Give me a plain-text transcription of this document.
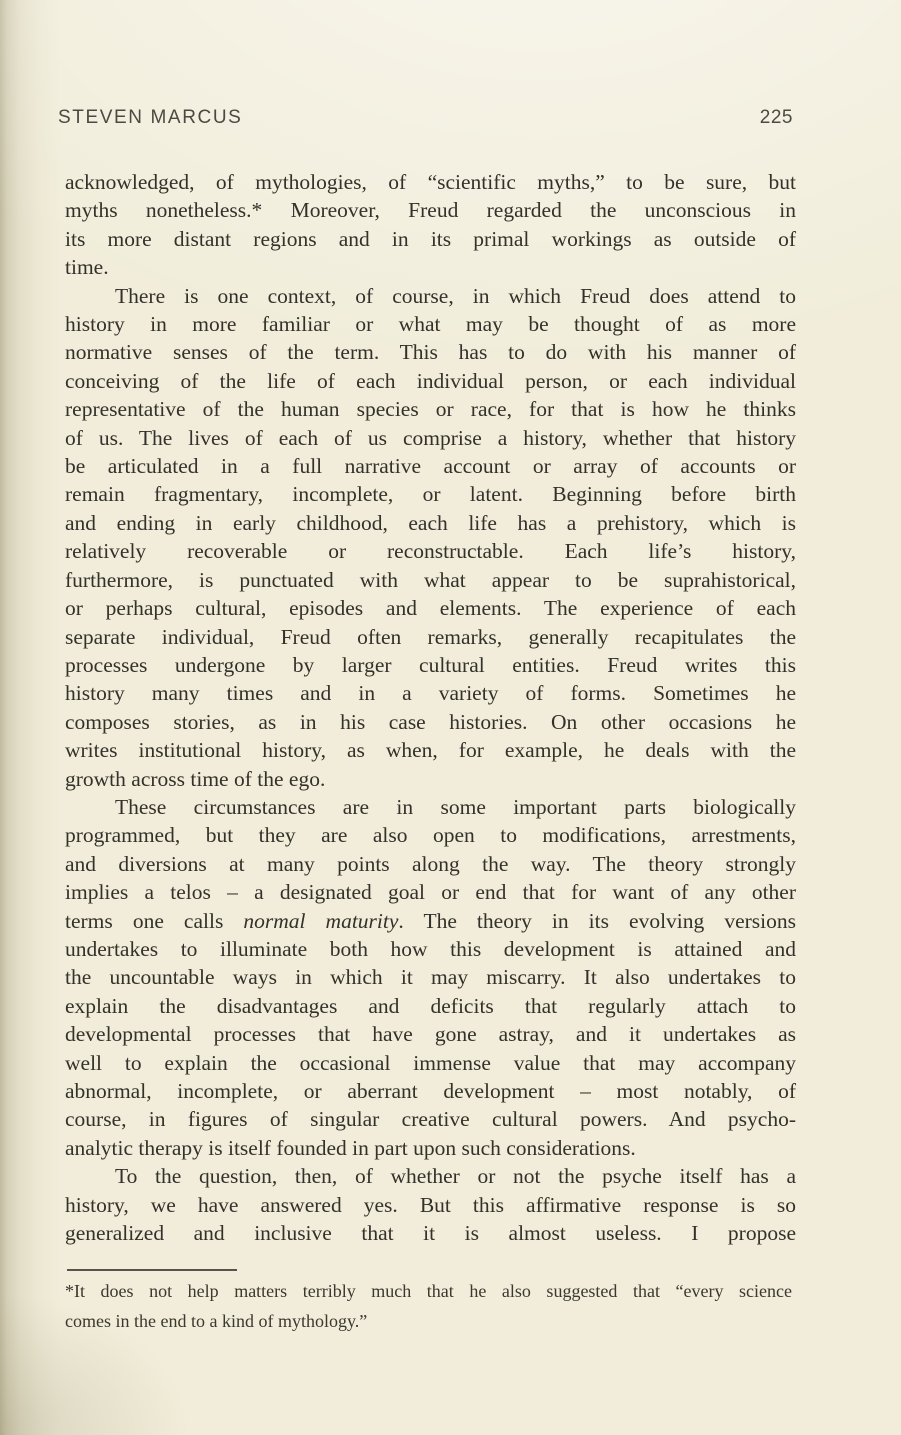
STEVEN MARCUS	225
acknowledged, of mythologies, of “scientific myths,” to be sure, but
myths nonetheless.* Moreover, Freud regarded the unconscious in
its more distant regions and in its primal workings as outside of
time.
There is one context, of course, in which Freud does attend to
history in more familiar or what may be thought of as more
normative senses of the term. This has to do with his manner of
conceiving of the life of each individual person, or each individual
representative of the human species or race, for that is how he thinks
of us. The lives of each of us comprise a history, whether that history
be articulated in a full narrative account or array of accounts or
remain fragmentary, incomplete, or latent. Beginning before birth
and ending in early childhood, each life has a prehistory, which is
relatively recoverable or reconstructable. Each life’s history,
furthermore, is punctuated with what appear to be suprahistorical,
or perhaps cultural, episodes and elements. The experience of each
separate individual, Freud often remarks, generally recapitulates the
processes undergone by larger cultural entities. Freud writes this
history many times and in a variety of forms. Sometimes he
composes stories, as in his case histories. On other occasions he
writes institutional history, as when, for example, he deals with the
growth across time of the ego.
These circumstances are in some important parts biologically
programmed, but they are also open to modifications, arrestments,
and diversions at many points along the way. The theory strongly
implies a telos – a designated goal or end that for want of any other
terms one calls normal maturity. The theory in its evolving versions
undertakes to illuminate both how this development is attained and
the uncountable ways in which it may miscarry. It also undertakes to
explain the disadvantages and deficits that regularly attach to
developmental processes that have gone astray, and it undertakes as
well to explain the occasional immense value that may accompany
abnormal, incomplete, or aberrant development – most notably, of
course, in figures of singular creative cultural powers. And psycho-
analytic therapy is itself founded in part upon such considerations.
To the question, then, of whether or not the psyche itself has a
history, we have answered yes. But this affirmative response is so
generalized and inclusive that it is almost useless. I propose
*It does not help matters terribly much that he also suggested that “every science
comes in the end to a kind of mythology.”
